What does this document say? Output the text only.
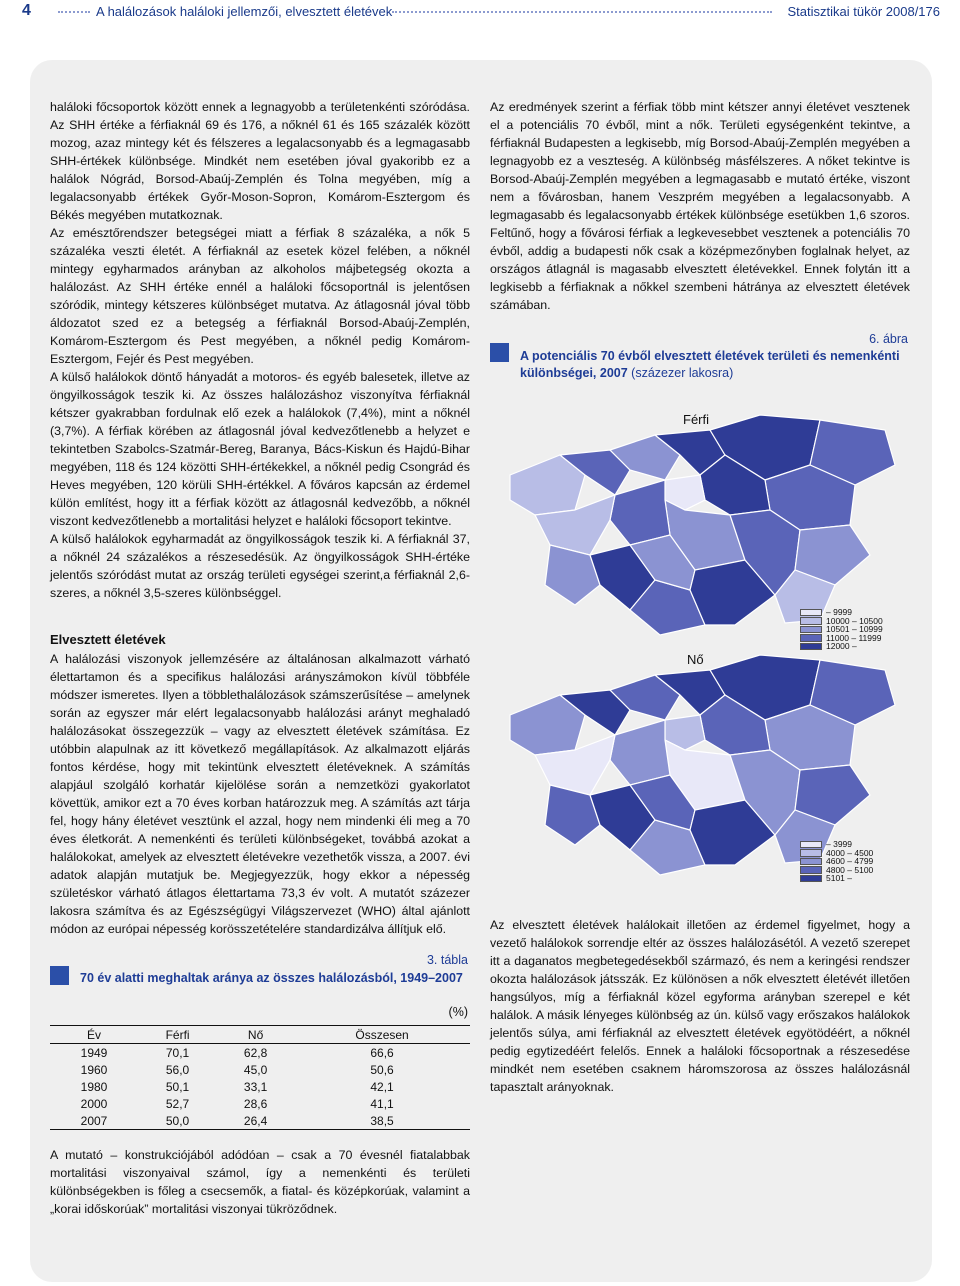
4	A halálozások haláloki jellemzői, elvesztett életévek	Statisztikai tükör 2008/176

haláloki főcsoportok között ennek a legnagyobb a területenkénti szóródása. Az SHH értéke a férfiaknál 69 és 176, a nőknél 61 és 165 százalék között mozog, azaz mintegy két és félszeres a legalacsonyabb és a legmagasabb SHH-értékek különbsége. Mindkét nem esetében jóval gyakoribb ez a halálok Nógrád, Borsod-Abaúj-Zemplén és Tolna megyében, míg a legalacsonyabb értékek Győr-Moson-Sopron, Komárom-Esztergom és Békés megyében mutatkoznak.

Az emésztőrendszer betegségei miatt a férfiak 8 százaléka, a nők 5 százaléka veszti életét. A férfiaknál az esetek közel felében, a nőknél mintegy egyharmados arányban az alkoholos májbetegség okozta a halálozást. Az SHH értéke ennél a haláloki főcsoportnál is jelentősen szóródik, mintegy kétszeres különbséget mutatva. Az átlagosnál jóval több áldozatot szed ez a betegség a férfiaknál Borsod-Abaúj-Zemplén, Komárom-Esztergom és Pest megyében, a nőknél pedig Komárom-Esztergom, Fejér és Pest megyében.

A külső halálokok döntő hányadát a motoros- és egyéb balesetek, illetve az öngyilkosságok teszik ki. Az összes halálozáshoz viszonyítva férfiaknál kétszer gyakrabban fordulnak elő ezek a halálokok (7,4%), mint a nőknél (3,7%). A férfiak körében az átlagosnál jóval kedvezőtlenebb a helyzet e tekintetben Szabolcs-Szatmár-Bereg, Baranya, Bács-Kiskun és Hajdú-Bihar megyében, 118 és 124 közötti SHH-értékekkel, a nőknél pedig Csongrád és Heves megyében, 120 körüli SHH-értékkel. A főváros kapcsán az érdemel külön említést, hogy itt a férfiak között az átlagosnál kedvezőbb, a nőknél viszont kedvezőtlenebb a mortalitási helyzet e haláloki főcsoport tekintve.

A külső halálokok egyharmadát az öngyilkosságok teszik ki. A férfiaknál 37, a nőknél 24 százalékos a részesedésük. Az öngyilkosságok SHH-értéke jelentős szóródást mutat az ország területi egységei szerint,a férfiaknál 2,6-szeres, a nőknél 3,5-szeres különbséggel.

Elvesztett életévek

A halálozási viszonyok jellemzésére az általánosan alkalmazott várható élettartamon és a specifikus halálozási arányszámokon kívül többféle módszer ismeretes. Ilyen a többlethalálozások számszerűsítése – amelynek során az egyszer már elért legalacsonyabb halálozási arányt meghaladó halálozásokat összegezzük – vagy az elvesztett életévek számítása. Ez utóbbin alapulnak az itt következő megállapítások. Az alkalmazott eljárás fontos kérdése, hogy mit tekintünk elvesztett életéveknek. A számítás alapjául szolgáló korhatár kijelölése során a nemzetközi gyakorlatot követtük, amikor ezt a 70 éves korban határozzuk meg. A számítás azt tárja fel, hogy hány életévet vesztünk el azzal, hogy nem mindenki éli meg a 70 éves életkorát. A nemenkénti és területi különbségeket, továbbá azokat a halálokokat, amelyek az elvesztett életévekre vezethetők vissza, a 2007. évi adatok alapján mutatjuk be. Megjegyezzük, hogy ekkor a népesség születéskor várható átlagos élettartama 73,3 év volt. A mutatót százezer lakosra számítva és az Egészségügyi Világszervezet (WHO) által ajánlott módon az európai népesség korösszetételére standardizálva állítjuk elő.

3. tábla
70 év alatti meghaltak aránya az összes halálozásból, 1949–2007
(%)
Év	Férfi	Nő	Összesen
1949	70,1	62,8	66,6
1960	56,0	45,0	50,6
1980	50,1	33,1	42,1
2000	52,7	28,6	41,1
2007	50,0	26,4	38,5

A mutató – konstrukciójából adódóan – csak a 70 évesnél fiatalabbak mortalitási viszonyaival számol, így a nemenkénti és területi különbségekben is főleg a csecsemők, a fiatal- és középkorúak, valamint a „korai időskorúak” mortalitási viszonyai tükröződnek.

Az eredmények szerint a férfiak több mint kétszer annyi életévet vesztenek el a potenciális 70 évből, mint a nők. Területi egységenként tekintve, a férfiaknál Budapesten a legkisebb, míg Borsod-Abaúj-Zemplén megyében a legnagyobb ez a veszteség. A különbség másfélszeres. A nőket tekintve is Borsod-Abaúj-Zemplén megyében a legmagasabb e mutató értéke, viszont nem a fővárosban, hanem Veszprém megyében a legalacsonyabb. A legmagasabb és legalacsonyabb értékek különbsége esetükben 1,6 szoros. Feltűnő, hogy a fővárosi férfiak a legkevesebbet vesztenek a potenciális 70 évből, addig a budapesti nők csak a középmezőnyben foglalnak helyet, az országos átlagnál is magasabb elvesztett életévekkel. Ennek folytán itt a legkisebb a férfiaknak a nőkkel szembeni hátránya az elvesztett életévek számában.

6. ábra
A potenciális 70 évből elvesztett életévek területi és nemenkénti különbségei, 2007 (százezer lakosra)
Férfi
– 9999
10000 – 10500
10501 – 10999
11000 – 11999
12000 –
Nő
– 3999
4000 – 4500
4600 – 4799
4800 – 5100
5101 –

Az elvesztett életévek halálokait illetően az érdemel figyelmet, hogy a vezető halálokok sorrendje eltér az összes halálozásétól. A vezető szerepet itt a daganatos megbetegedésekből származó, és nem a keringési rendszer okozta halálozások játsszák. Ez különösen a nők elvesztett életévét illetően hangsúlyos, míg a férfiaknál közel egyforma arányban szerepel e két halálok. A másik lényeges különbség az ún. külső vagy erőszakos halálokok jelentős súlya, ami férfiaknál az elvesztett életévek egyötödéért, a nőknél pedig egytizedéért felelős. Ennek a haláloki főcsoportnak a részesedése mindkét nem esetében csaknem háromszorosa az összes halálozásnál tapasztalt arányoknak.
